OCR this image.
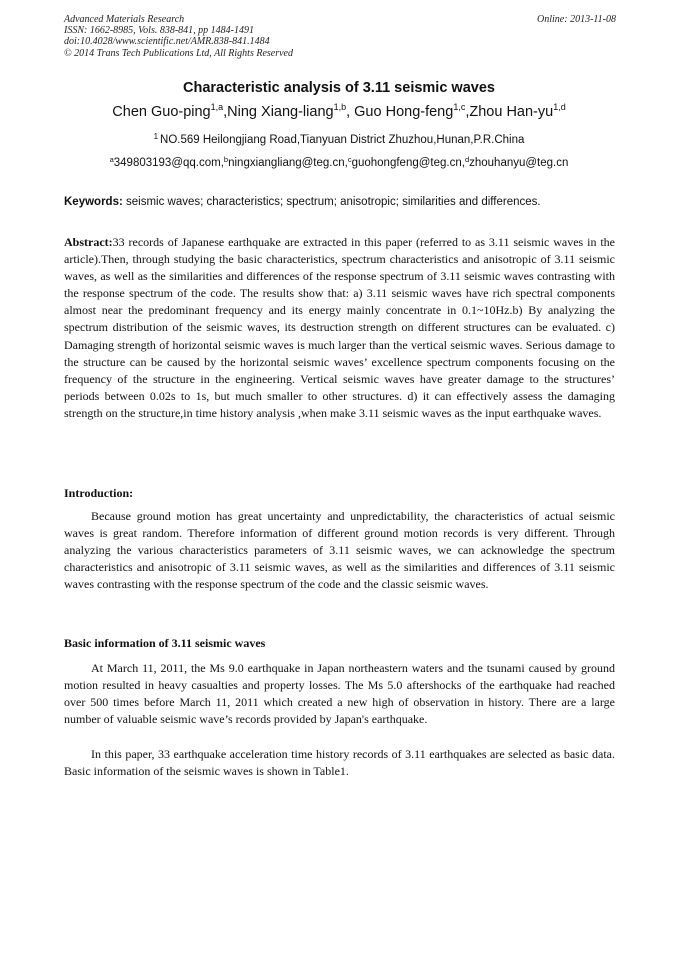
Advanced Materials Research
ISSN: 1662-8985, Vols. 838-841, pp 1484-1491
doi:10.4028/www.scientific.net/AMR.838-841.1484
© 2014 Trans Tech Publications Ltd, All Rights Reserved
Online: 2013-11-08
Characteristic analysis of 3.11 seismic waves
Chen Guo-ping$^{1,a}$,Ning Xiang-liang$^{1,b}$, Guo Hong-feng$^{1,c}$,Zhou Han-yu$^{1,d}$
$^1$ NO.569 Heilongjiang Road,Tianyuan District Zhuzhou,Hunan,P.R.China
$^a$349803193@qq.com,$^b$ningxiangliang@teg.cn,$^c$guohongfeng@teg.cn,$^d$zhouhanyu@teg.cn
Keywords: seismic waves; characteristics; spectrum; anisotropic; similarities and differences.

Abstract:33 records of Japanese earthquake are extracted in this paper (referred to as 3.11 seismic waves in the article).Then, through studying the basic characteristics, spectrum characteristics and anisotropic of 3.11 seismic waves, as well as the similarities and differences of the response spectrum of 3.11 seismic waves contrasting with the response spectrum of the code. The results show that: a) 3.11 seismic waves have rich spectral components almost near the predominant frequency and its energy mainly concentrate in 0.1~10Hz.b) By analyzing the spectrum distribution of the seismic waves, its destruction strength on different structures can be evaluated. c) Damaging strength of horizontal seismic waves is much larger than the vertical seismic waves. Serious damage to the structure can be caused by the horizontal seismic waves’ excellence spectrum components focusing on the frequency of the structure in the engineering. Vertical seismic waves have greater damage to the structures’ periods between 0.02s to 1s, but much smaller to other structures. d) it can effectively assess the damaging strength on the structure,in time history analysis ,when make 3.11 seismic waves as the input earthquake waves.

Introduction:

Because ground motion has great uncertainty and unpredictability, the characteristics of actual seismic waves is great random. Therefore information of different ground motion records is very different. Through analyzing the various characteristics parameters of 3.11 seismic waves, we can acknowledge the spectrum characteristics and anisotropic of 3.11 seismic waves, as well as the similarities and differences of 3.11 seismic waves contrasting with the response spectrum of the code and the classic seismic waves.

Basic information of 3.11 seismic waves

At March 11, 2011, the Ms 9.0 earthquake in Japan northeastern waters and the tsunami caused by ground motion resulted in heavy casualties and property losses. The Ms 5.0 aftershocks of the earthquake had reached over 500 times before March 11, 2011 which created a new high of observation in history. There are a large number of valuable seismic wave’s records provided by Japan's earthquake.

In this paper, 33 earthquake acceleration time history records of 3.11 earthquakes are selected as basic data. Basic information of the seismic waves is shown in Table1.
